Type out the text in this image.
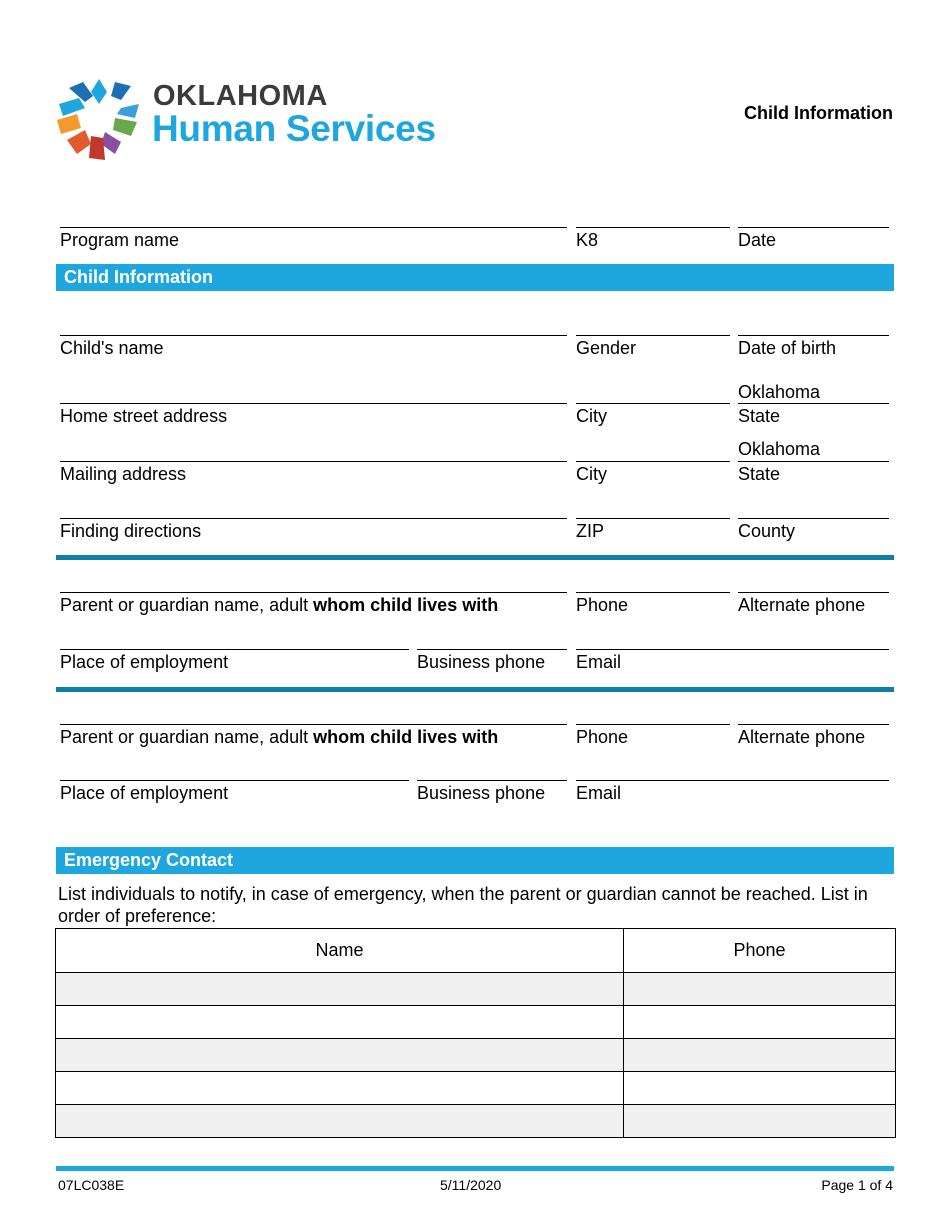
OKLAHOMA
Human Services	Child Information
Program name	K8	Date
Child Information
Child's name	Gender	Date of birth
Oklahoma
Home street address	City	State
Oklahoma
Mailing address	City	State
Finding directions	ZIP	County
Parent or guardian name, adult whom child lives with	Phone	Alternate phone
Place of employment	Business phone	Email
Parent or guardian name, adult whom child lives with	Phone	Alternate phone
Place of employment	Business phone	Email
Emergency Contact
List individuals to notify, in case of emergency, when the parent or guardian cannot be reached. List in order of preference:
Name	Phone

07LC038E	5/11/2020	Page 1 of 4
